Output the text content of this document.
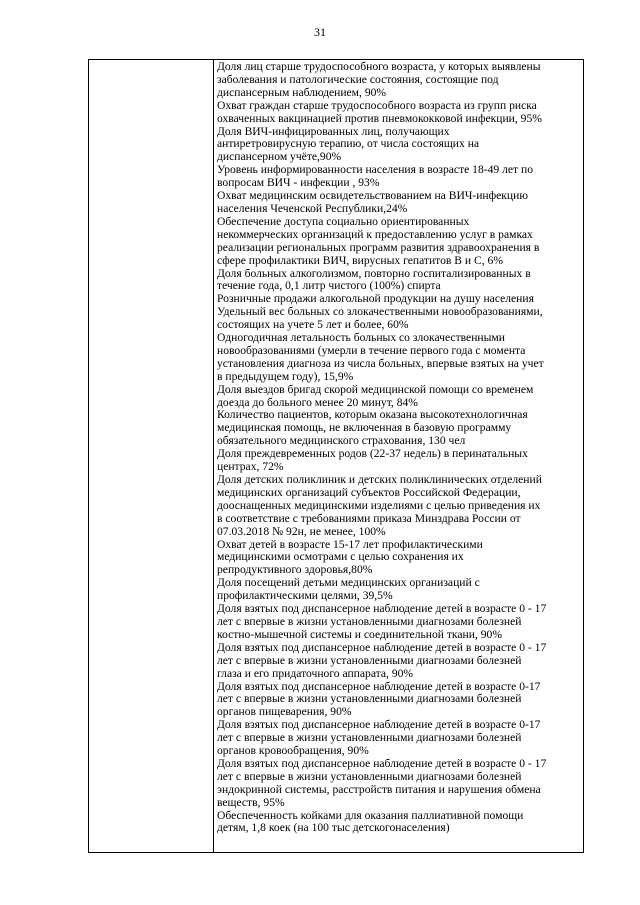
31
Доля лиц старше трудоспособного возраста, у которых выявлены
заболевания и патологические состояния, состоящие под
диспансерным наблюдением, 90%
Охват граждан старше трудоспособного возраста из групп риска
охваченных вакцинацией против пневмококковой инфекции, 95%
Доля ВИЧ-инфицированных лиц, получающих
антиретровирусную терапию, от числа состоящих на
диспансерном учёте,90%
Уровень информированности населения в возрасте 18-49 лет по
вопросам ВИЧ - инфекции , 93%
Охват медицинским освидетельствованием на ВИЧ-инфекцию
населения Чеченской Республики,24%
Обеспечение доступа социально ориентированных
некоммерческих организаций к предоставлению услуг в рамках
реализации региональных программ развития здравоохранения в
сфере профилактики ВИЧ, вирусных гепатитов В и С, 6%
Доля больных алкоголизмом, повторно госпитализированных в
течение года, 0,1 литр чистого (100%) спирта
Розничные продажи алкогольной продукции на душу населения
Удельный вес больных со злокачественными новообразованиями,
состоящих на учете 5 лет и более, 60%
Одногодичная летальность больных со злокачественными
новообразованиями (умерли в течение первого года с момента
установления диагноза из числа больных, впервые взятых на учет
в предыдущем году), 15,9%
Доля выездов бригад скорой медицинской помощи со временем
доезда до больного менее 20 минут, 84%
Количество пациентов, которым оказана высокотехнологичная
медицинская помощь, не включенная в базовую программу
обязательного медицинского страхования, 130 чел
Доля преждевременных родов (22-37 недель) в перинатальных
центрах, 72%
Доля детских поликлиник и детских поликлинических отделений
медицинских организаций субъектов Российской Федерации,
дооснащенных медицинскими изделиями с целью приведения их
в соответствие с требованиями приказа Минздрава России от
07.03.2018 № 92н, не менее, 100%
Охват детей в возрасте 15-17 лет профилактическими
медицинскими осмотрами с целью сохранения их
репродуктивного здоровья,80%
Доля посещений детьми медицинских организаций с
профилактическими целями, 39,5%
Доля взятых под диспансерное наблюдение детей в возрасте 0 - 17
лет с впервые в жизни установленными диагнозами болезней
костно-мышечной системы и соединительной ткани, 90%
Доля взятых под диспансерное наблюдение детей в возрасте 0 - 17
лет с впервые в жизни установленными диагнозами болезней
глаза и его придаточного аппарата, 90%
Доля взятых под диспансерное наблюдение детей в возрасте 0-17
лет с впервые в жизни установленными диагнозами болезней
органов пищеварения, 90%
Доля взятых под диспансерное наблюдение детей в возрасте 0-17
лет с впервые в жизни установленными диагнозами болезней
органов кровообращения, 90%
Доля взятых под диспансерное наблюдение детей в возрасте 0 - 17
лет с впервые в жизни установленными диагнозами болезней
эндокринной системы, расстройств питания и нарушения обмена
веществ, 95%
Обеспеченность койками для оказания паллиативной помощи
детям, 1,8 коек (на 100 тыс детскогонаселения)
